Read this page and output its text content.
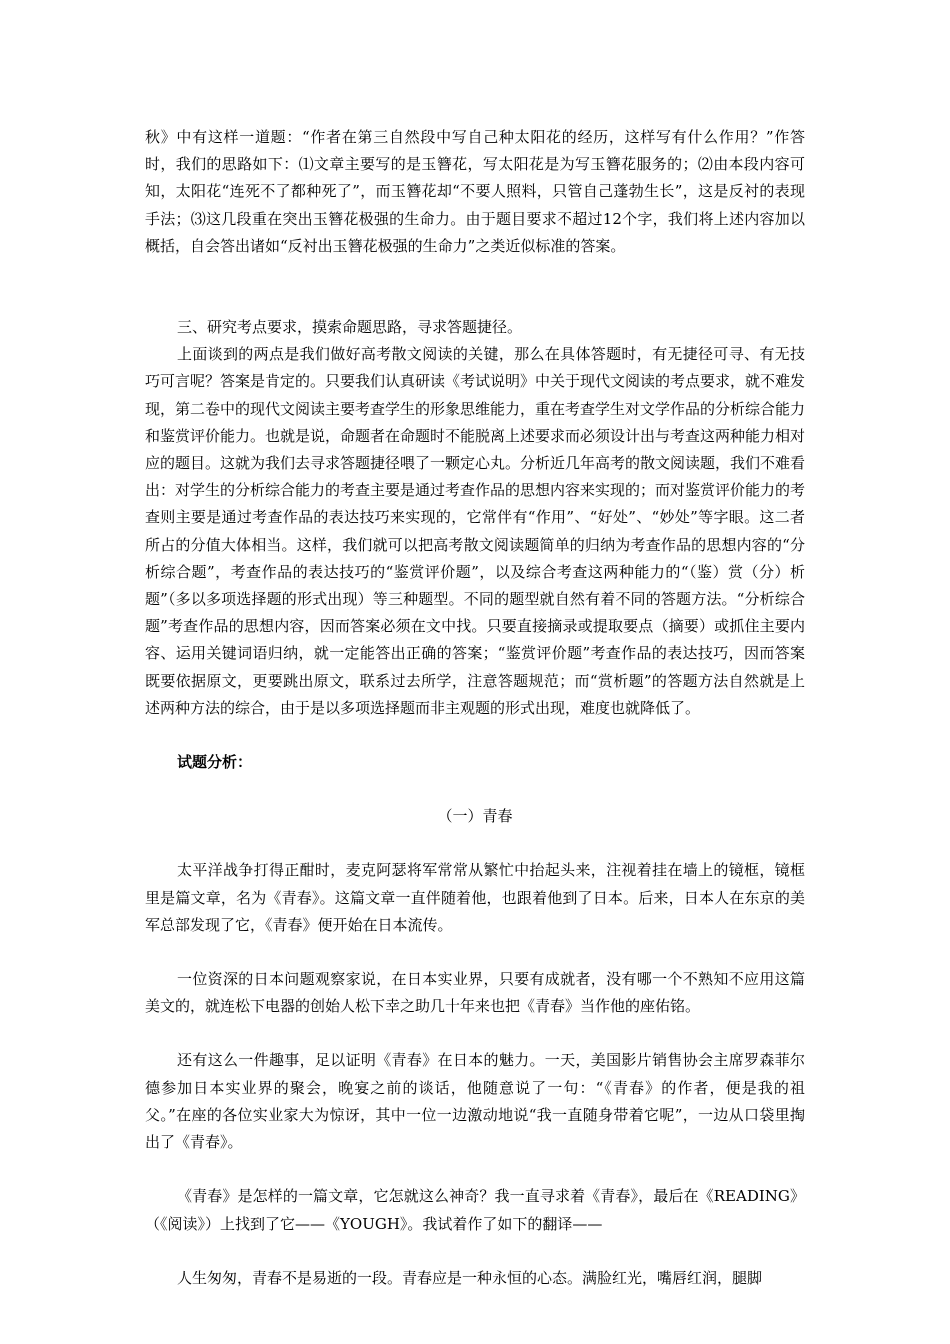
秋》中有这样一道题：“作者在第三自然段中写自己种太阳花的经历，这样写有什么作用？”作答时，我们的思路如下：⑴文章主要写的是玉簪花，写太阳花是为写玉簪花服务的；⑵由本段内容可知，太阳花“连死不了都种死了”，而玉簪花却“不要人照料，只管自己蓬勃生长”，这是反衬的表现手法；⑶这几段重在突出玉簪花极强的生命力。由于题目要求不超过12个字，我们将上述内容加以概括，自会答出诸如“反衬出玉簪花极强的生命力”之类近似标准的答案。

三、研究考点要求，摸索命题思路，寻求答题捷径。

上面谈到的两点是我们做好高考散文阅读的关键，那么在具体答题时，有无捷径可寻、有无技巧可言呢？答案是肯定的。只要我们认真研读《考试说明》中关于现代文阅读的考点要求，就不难发现，第二卷中的现代文阅读主要考查学生的形象思维能力，重在考查学生对文学作品的分析综合能力和鉴赏评价能力。也就是说，命题者在命题时不能脱离上述要求而必须设计出与考查这两种能力相对应的题目。这就为我们去寻求答题捷径喂了一颗定心丸。分析近几年高考的散文阅读题，我们不难看出：对学生的分析综合能力的考查主要是通过考查作品的思想内容来实现的；而对鉴赏评价能力的考查则主要是通过考查作品的表达技巧来实现的，它常伴有“作用”、“好处”、“妙处”等字眼。这二者所占的分值大体相当。这样，我们就可以把高考散文阅读题简单的归纳为考查作品的思想内容的“分析综合题”，考查作品的表达技巧的“鉴赏评价题”，以及综合考查这两种能力的“（鉴）赏（分）析题”（多以多项选择题的形式出现）等三种题型。不同的题型就自然有着不同的答题方法。“分析综合题”考查作品的思想内容，因而答案必须在文中找。只要直接摘录或提取要点（摘要）或抓住主要内容、运用关键词语归纳，就一定能答出正确的答案；“鉴赏评价题”考查作品的表达技巧，因而答案既要依据原文，更要跳出原文，联系过去所学，注意答题规范；而“赏析题”的答题方法自然就是上述两种方法的综合，由于是以多项选择题而非主观题的形式出现，难度也就降低了。

试题分析：

（一）青春

太平洋战争打得正酣时，麦克阿瑟将军常常从繁忙中抬起头来，注视着挂在墙上的镜框，镜框里是篇文章，名为《青春》。这篇文章一直伴随着他，也跟着他到了日本。后来，日本人在东京的美军总部发现了它，《青春》便开始在日本流传。

一位资深的日本问题观察家说，在日本实业界，只要有成就者，没有哪一个不熟知不应用这篇美文的，就连松下电器的创始人松下幸之助几十年来也把《青春》当作他的座佑铭。

还有这么一件趣事，足以证明《青春》在日本的魅力。一天，美国影片销售协会主席罗森菲尔德参加日本实业界的聚会，晚宴之前的谈话，他随意说了一句：“《青春》的作者，便是我的祖父。”在座的各位实业家大为惊讶，其中一位一边激动地说“我一直随身带着它呢”，一边从口袋里掏出了《青春》。

《青春》是怎样的一篇文章，它怎就这么神奇？我一直寻求着《青春》，最后在《READING》（《阅读》）上找到了它——《YOUGH》。我试着作了如下的翻译——

人生匆匆，青春不是易逝的一段。青春应是一种永恒的心态。满脸红光，嘴唇红润，腿脚
